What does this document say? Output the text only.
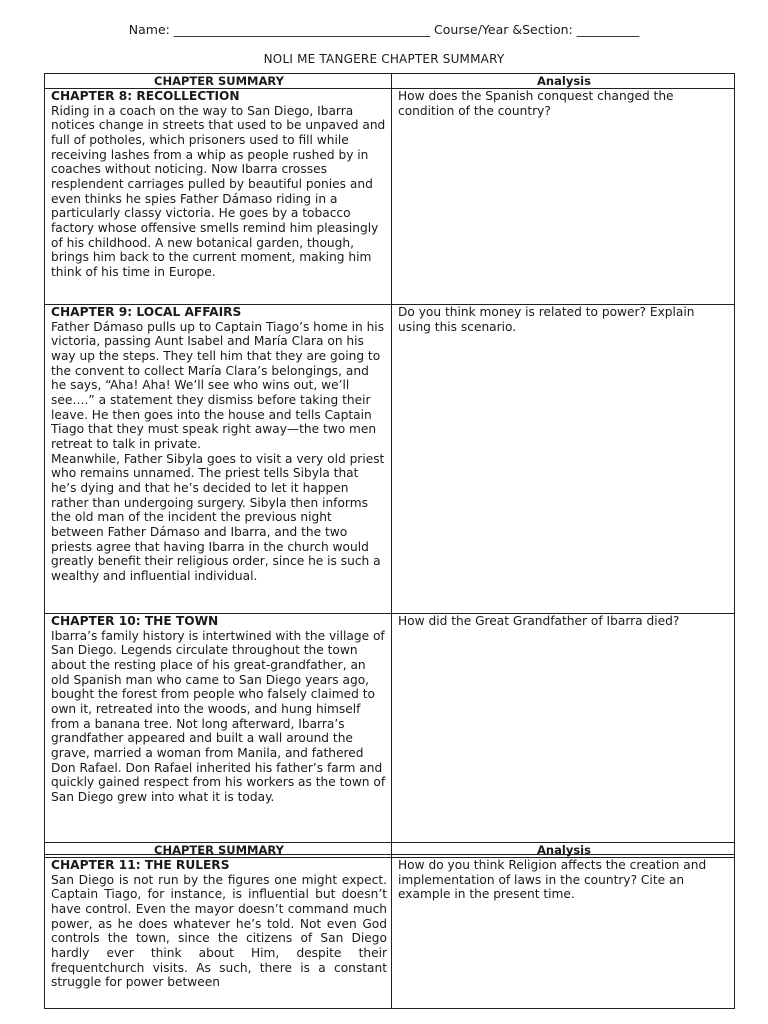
Name: _________________________________________ Course/Year &Section: __________
NOLI ME TANGERE CHAPTER SUMMARY
CHAPTER SUMMARY	Analysis

CHAPTER 8: RECOLLECTION
Riding in a coach on the way to San Diego, Ibarra notices change in streets that used to be unpaved and full of potholes, which prisoners used to fill while receiving lashes from a whip as people rushed by in coaches without noticing. Now Ibarra crosses resplendent carriages pulled by beautiful ponies and even thinks he spies Father Dámaso riding in a particularly classy victoria. He goes by a tobacco factory whose offensive smells remind him pleasingly of his childhood. A new botanical garden, though, brings him back to the current moment, making him think of his time in Europe.	How does the Spanish conquest changed the condition of the country?

CHAPTER 9: LOCAL AFFAIRS
Father Dámaso pulls up to Captain Tiago’s home in his victoria, passing Aunt Isabel and María Clara on his way up the steps. They tell him that they are going to the convent to collect María Clara’s belongings, and he says, “Aha! Aha! We’ll see who wins out, we’ll see….” a statement they dismiss before taking their leave. He then goes into the house and tells Captain Tiago that they must speak right away—the two men retreat to talk in private.
Meanwhile, Father Sibyla goes to visit a very old priest who remains unnamed. The priest tells Sibyla that he’s dying and that he’s decided to let it happen rather than undergoing surgery. Sibyla then informs the old man of the incident the previous night between Father Dámaso and Ibarra, and the two priests agree that having Ibarra in the church would greatly benefit their religious order, since he is such a wealthy and influential individual.	Do you think money is related to power? Explain using this scenario.

CHAPTER 10: THE TOWN
Ibarra’s family history is intertwined with the village of San Diego. Legends circulate throughout the town about the resting place of his great-grandfather, an old Spanish man who came to San Diego years ago, bought the forest from people who falsely claimed to own it, retreated into the woods, and hung himself from a banana tree. Not long afterward, Ibarra’s grandfather appeared and built a wall around the grave, married a woman from Manila, and fathered Don Rafael. Don Rafael inherited his father’s farm and quickly gained respect from his workers as the town of San Diego grew into what it is today.	How did the Great Grandfather of Ibarra died?
CHAPTER SUMMARY	Analysis

CHAPTER 11: THE RULERS
San Diego is not run by the figures one might expect. Captain Tiago, for instance, is influential but doesn’t have control. Even the mayor doesn’t command much power, as he does whatever he’s told. Not even God controls the town, since the citizens of San Diego hardly ever think about Him, despite their frequentchurch visits. As such, there is a constant struggle for power between	How do you think Religion affects the creation and implementation of laws in the country? Cite an example in the present time.
